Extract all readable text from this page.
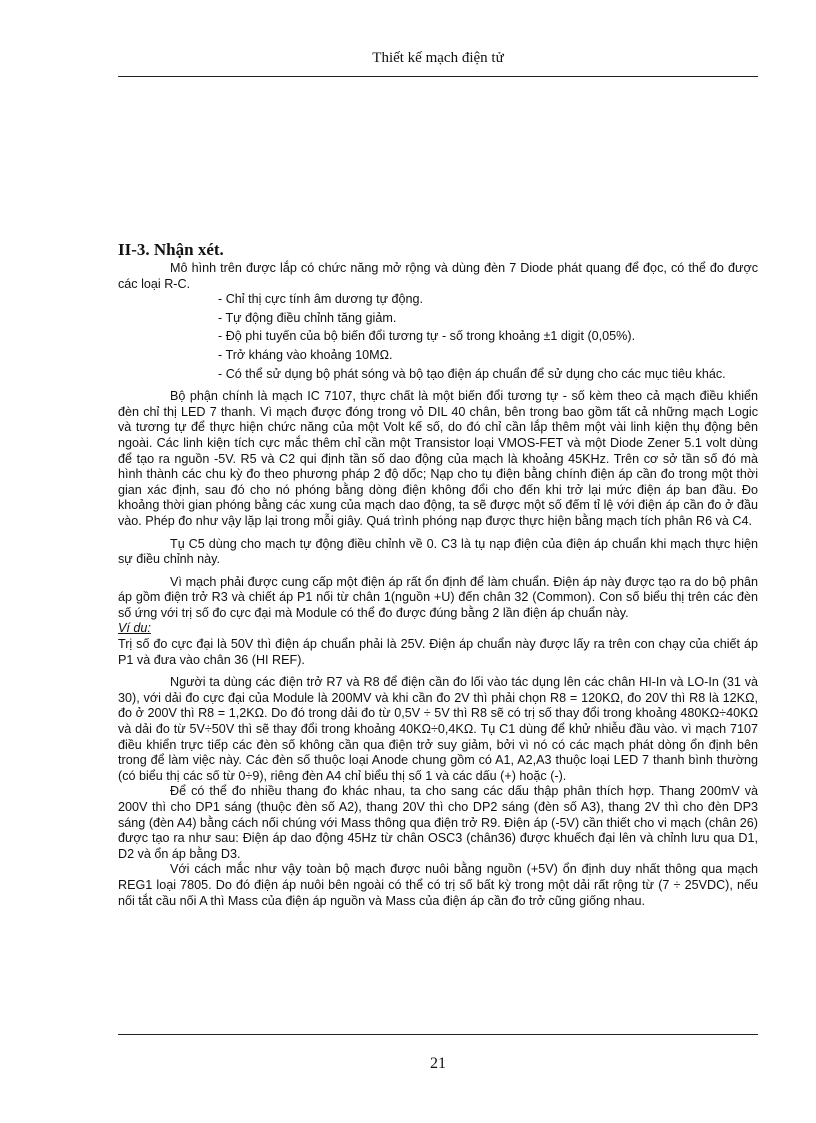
Thiết kế mạch điện tử
II-3. Nhận xét.

Mô hình trên được lắp có chức năng mở rộng và dùng đèn 7 Diode phát quang để đọc, có thể đo được các loại R-C.

- Chỉ thị cực tính âm dương tự động.

- Tự động điều chỉnh tăng giảm.

- Độ phi tuyến của bộ biến đổi tương tự - số trong khoảng ±1 digit (0,05%).

- Trở kháng vào khoảng 10MΩ.

- Có thể sử dụng bộ phát sóng và bộ tạo điện áp chuẩn để sử dụng cho các mục tiêu khác.

Bộ phận chính là mạch IC 7107, thực chất là một biến đổi tương tự - số kèm theo cả mạch điều khiển đèn chỉ thị LED 7 thanh. Vì mạch được đóng trong vỏ DIL 40 chân, bên trong bao gồm tất cả những mạch Logic và tương tự để thực hiện chức năng của một Volt kế số, do đó chỉ cần lắp thêm một vài linh kiện thụ động bên ngoài. Các linh kiện tích cực mắc thêm chỉ cần một Transistor loại VMOS-FET và một Diode Zener 5.1 volt dùng để tạo ra nguồn -5V. R5 và C2 qui định tần số dao động của mạch là khoảng 45KHz. Trên cơ sở tần số đó mà hình thành các chu kỳ đo theo phương pháp 2 độ dốc; Nạp cho tụ điện bằng chính điện áp cần đo trong một thời gian xác định, sau đó cho nó phóng bằng dòng điện không đổi cho đến khi trở lại mức điện áp ban đầu. Đo khoảng thời gian phóng bằng các xung của mạch dao động, ta sẽ được một số đếm tỉ lệ với điện áp cần đo ở đầu vào. Phép đo như vậy lặp lại trong mỗi giây. Quá trình phóng nạp được thực hiện bằng mạch tích phân R6 và C4.

Tụ C5 dùng cho mạch tự động điều chỉnh về 0. C3 là tụ nạp điện của điện áp chuẩn khi mạch thực hiện sự điều chỉnh này.

Vì mạch phải được cung cấp một điện áp rất ổn định để làm chuẩn. Điện áp này được tạo ra do bộ phân áp gồm điện trở R3 và chiết áp P1 nối từ chân 1(nguồn +U) đến chân 32 (Common). Con số biểu thị trên các đèn số ứng với trị số đo cực đại mà Module có thể đo được đúng bằng 2 lần điện áp chuẩn này.

Ví dụ:

Trị số đo cực đại là 50V thì điện áp chuẩn phải là 25V. Điện áp chuẩn này được lấy ra trên con chạy của chiết áp P1 và đưa vào chân 36 (HI REF).

Người ta dùng các điện trở R7 và R8 để điện cần đo lối vào tác dụng lên các chân HI-In và LO-In (31 và 30), với dải đo cực đại của Module là 200MV và khi cần đo 2V thì phải chọn R8 = 120KΩ, đo 20V thì R8 là 12KΩ, đo ở 200V thì R8 = 1,2KΩ. Do đó trong dải đo từ 0,5V ÷ 5V thì R8 sẽ có trị số thay đổi trong khoảng 480KΩ÷40KΩ và dải đo từ 5V÷50V thì sẽ thay đổi trong khoảng 40KΩ÷0,4KΩ. Tụ C1 dùng để khử nhiễu đầu vào. vì mạch 7107 điều khiển trực tiếp các đèn số không cần qua điện trở suy giảm, bởi vì nó có các mạch phát dòng ổn định bên trong để làm việc này. Các đèn số thuộc loại Anode chung gồm có A1, A2,A3 thuộc loại LED 7 thanh bình thường (có biểu thị các số từ 0÷9), riêng đèn A4 chỉ biểu thị số 1 và các dấu (+) hoặc (-).

Để có thể đo nhiều thang đo khác nhau, ta cho sang các dấu thập phân thích hợp. Thang 200mV và 200V thì cho DP1 sáng (thuộc đèn số A2), thang 20V thì cho DP2 sáng (đèn số A3), thang 2V thì cho đèn DP3 sáng (đèn A4) bằng cách nối chúng với Mass thông qua điện trở R9. Điện áp (-5V) cần thiết cho vi mạch (chân 26) được tạo ra như sau: Điện áp dao động 45Hz từ chân OSC3 (chân36) được khuếch đại lên và chỉnh lưu qua D1, D2 và ổn áp bằng D3.

Với cách mắc như vậy toàn bộ mạch được nuôi bằng nguồn (+5V) ổn định duy nhất thông qua mạch REG1 loại 7805. Do đó điện áp nuôi bên ngoài có thể có trị số bất kỳ trong một dải rất rộng từ (7 ÷ 25VDC), nếu nối tắt cầu nối A thì Mass của điện áp nguồn và Mass của điện áp cần đo trở cũng giống nhau.

21
